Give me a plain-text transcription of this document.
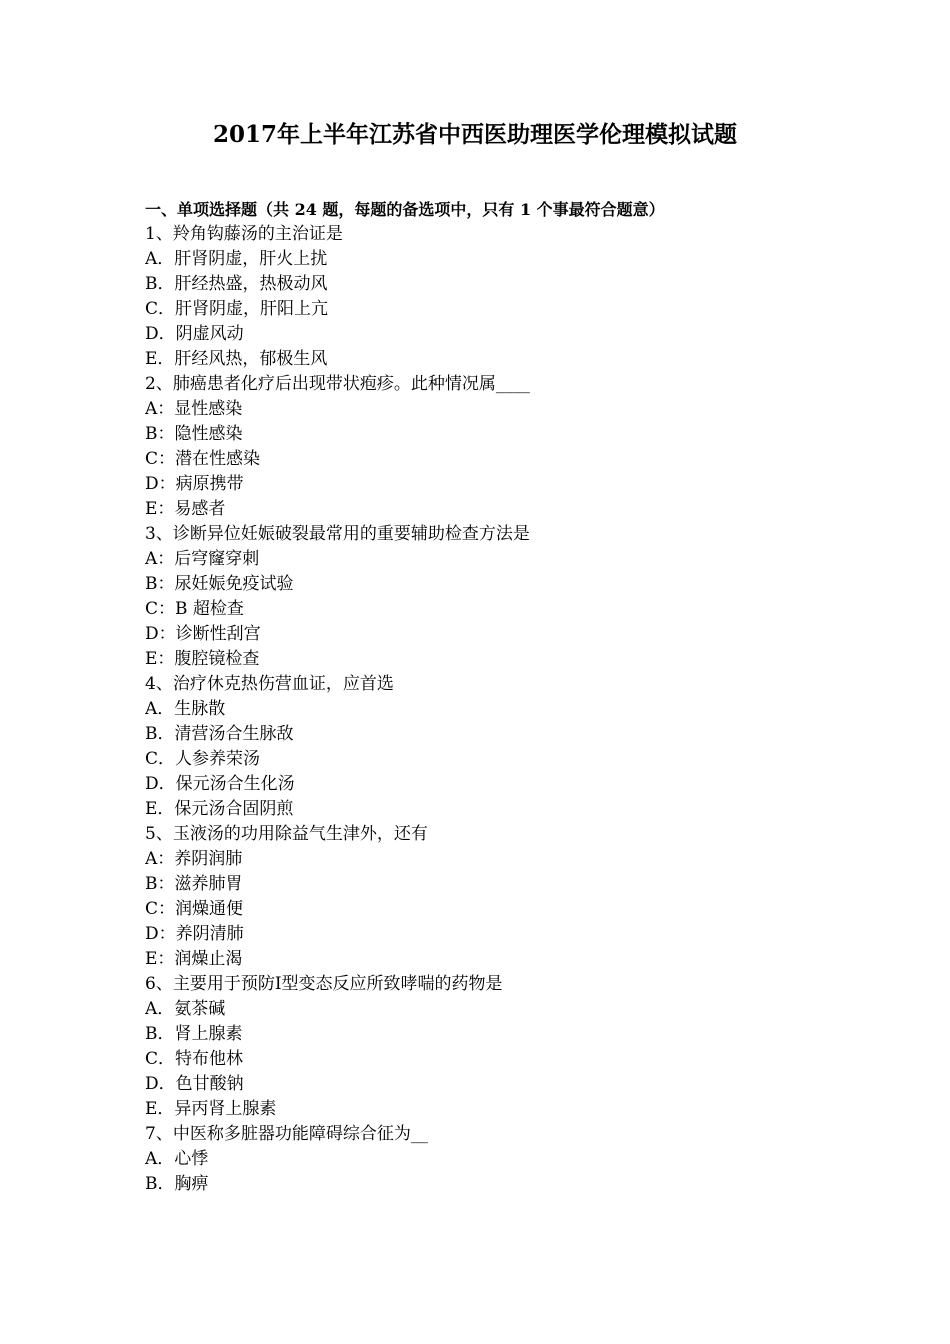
2017年上半年江苏省中西医助理医学伦理模拟试题
一、单项选择题（共 24 题，每题的备选项中，只有 1 个事最符合题意）
1、羚角钩藤汤的主治证是
A．肝肾阴虚，肝火上扰
B．肝经热盛，热极动风
C．肝肾阴虚，肝阳上亢
D．阴虚风动
E．肝经风热，郁极生风
2、肺癌患者化疗后出现带状疱疹。此种情况属____
A：显性感染
B：隐性感染
C：潜在性感染
D：病原携带
E：易感者
3、诊断异位妊娠破裂最常用的重要辅助检查方法是
A：后穹窿穿刺
B：尿妊娠免疫试验
C：B 超检查
D：诊断性刮宫
E：腹腔镜检查
4、治疗休克热伤营血证，应首选
A．生脉散
B．清营汤合生脉敌
C．人参养荣汤
D．保元汤合生化汤
E．保元汤合固阴煎
5、玉液汤的功用除益气生津外，还有
A：养阴润肺
B：滋养肺胃
C：润燥通便
D：养阴清肺
E：润燥止渴
6、主要用于预防Ⅰ型变态反应所致哮喘的药物是
A．氨茶碱
B．肾上腺素
C．特布他林
D．色甘酸钠
E．异丙肾上腺素
7、中医称多脏器功能障碍综合征为__
A．心悸
B．胸痹
